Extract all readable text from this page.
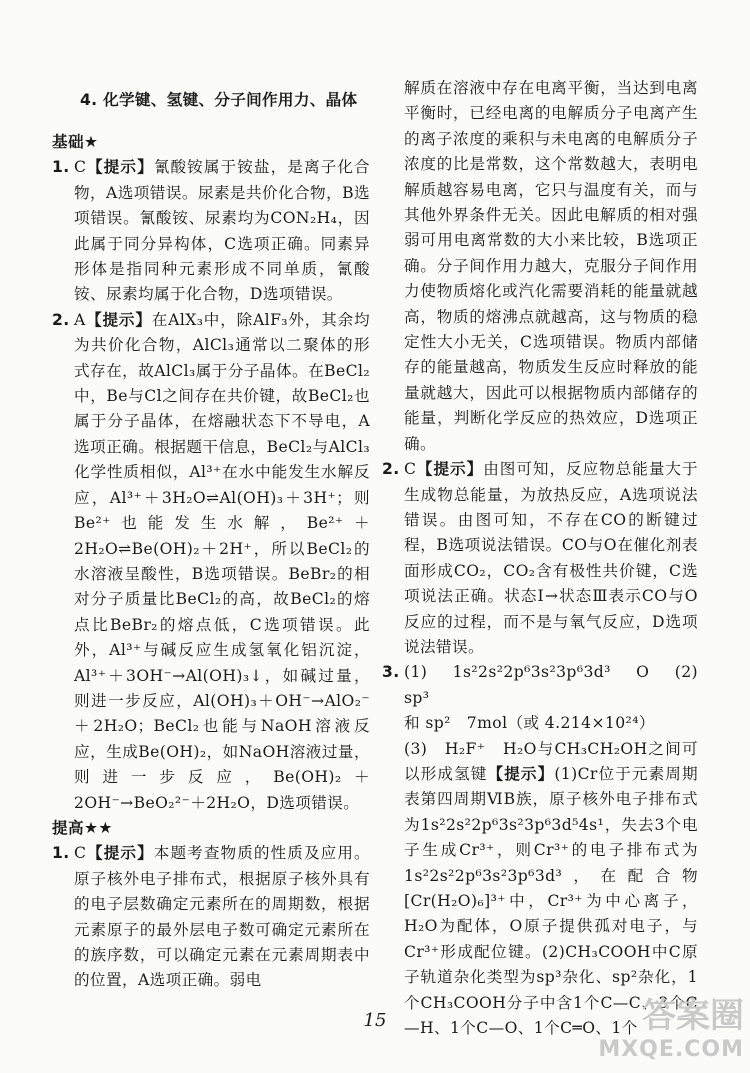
4. 化学键、氢键、分子间作用力、晶体
基础★
1. C【提示】氰酸铵属于铵盐，是离子化合物，A选项错误。尿素是共价化合物，B选项错误。氰酸铵、尿素均为CON₂H₄，因此属于同分异构体，C选项正确。同素异形体是指同种元素形成不同单质，氰酸铵、尿素均属于化合物，D选项错误。
2. A【提示】在AlX₃中，除AlF₃外，其余均为共价化合物，AlCl₃通常以二聚体的形式存在，故AlCl₃属于分子晶体。在BeCl₂中，Be与Cl之间存在共价键，故BeCl₂也属于分子晶体，在熔融状态下不导电，A选项正确。根据题干信息，BeCl₂与AlCl₃化学性质相似，Al³⁺在水中能发生水解反应，Al³⁺＋3H₂O⇌Al(OH)₃＋3H⁺；则Be²⁺也能发生水解，Be²⁺＋2H₂O⇌Be(OH)₂＋2H⁺，所以BeCl₂的水溶液呈酸性，B选项错误。BeBr₂的相对分子质量比BeCl₂的高，故BeCl₂的熔点比BeBr₂的熔点低，C选项错误。此外，Al³⁺与碱反应生成氢氧化铝沉淀，Al³⁺＋3OH⁻→Al(OH)₃↓，如碱过量，则进一步反应，Al(OH)₃＋OH⁻→AlO₂⁻＋2H₂O；BeCl₂也能与NaOH溶液反应，生成Be(OH)₂，如NaOH溶液过量，则进一步反应，Be(OH)₂＋2OH⁻→BeO₂²⁻＋2H₂O，D选项错误。
提高★★
1. C【提示】本题考查物质的性质及应用。原子核外电子排布式，根据原子核外具有的电子层数确定元素所在的周期数，根据元素原子的最外层电子数可确定元素所在的族序数，可以确定元素在元素周期表中的位置，A选项正确。弱电
解质在溶液中存在电离平衡，当达到电离平衡时，已经电离的电解质分子电离产生的离子浓度的乘积与未电离的电解质分子浓度的比是常数，这个常数越大，表明电解质越容易电离，它只与温度有关，而与其他外界条件无关。因此电解质的相对强弱可用电离常数的大小来比较，B选项正确。分子间作用力越大，克服分子间作用力使物质熔化或汽化需要消耗的能量就越高，物质的熔沸点就越高，这与物质的稳定性大小无关，C选项错误。物质内部储存的能量越高，物质发生反应时释放的能量就越大，因此可以根据物质内部储存的能量，判断化学反应的热效应，D选项正确。
2. C【提示】由图可知，反应物总能量大于生成物总能量，为放热反应，A选项说法错误。由图可知，不存在CO的断键过程，B选项说法错误。CO与O在催化剂表面形成CO₂，CO₂含有极性共价键，C选项说法正确。状态Ⅰ→状态Ⅲ表示CO与O反应的过程，而不是与氧气反应，D选项说法错误。
3. (1)　1s²2s²2p⁶3s²3p⁶3d³　O　(2)　sp³
和 sp²　7mol（或 4.214×10²⁴）
(3)　H₂F⁺　H₂O与CH₃CH₂OH之间可以形成氢键【提示】(1)Cr位于元素周期表第四周期ⅥB族，原子核外电子排布式为1s²2s²2p⁶3s²3p⁶3d⁵4s¹，失去3个电子生成Cr³⁺，则Cr³⁺的电子排布式为1s²2s²2p⁶3s²3p⁶3d³，在配合物[Cr(H₂O)₆]³⁺中，Cr³⁺为中心离子，H₂O为配体，O原子提供孤对电子，与Cr³⁺形成配位键。(2)CH₃COOH中C原子轨道杂化类型为sp³杂化、sp²杂化，1个CH₃COOH分子中含1个C—C、3个C—H、1个C—O、1个C═O、1个
15	答案圈
MXQE.COM
